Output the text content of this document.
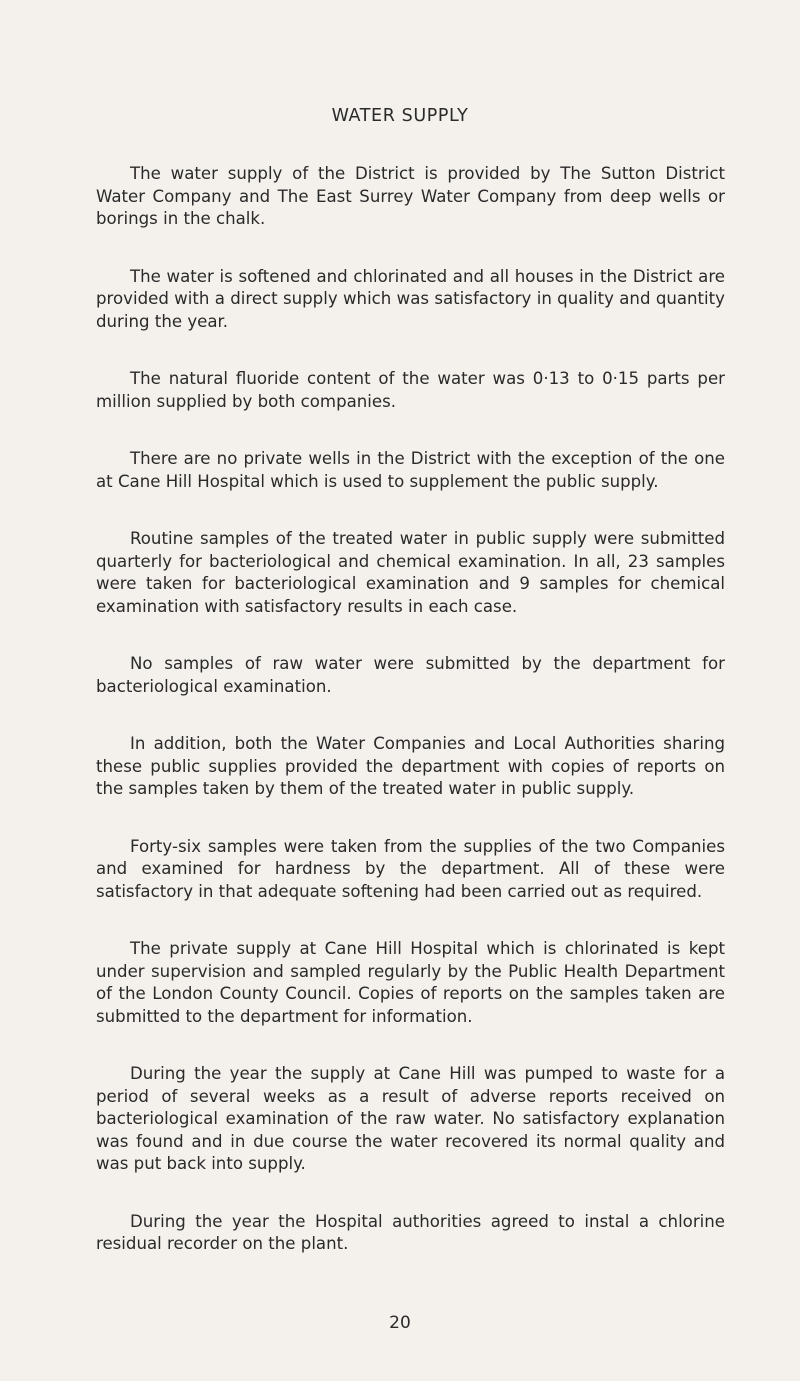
WATER SUPPLY

The water supply of the District is provided by The Sutton District Water Company and The East Surrey Water Company from deep wells or borings in the chalk.

The water is softened and chlorinated and all houses in the District are provided with a direct supply which was satisfactory in quality and quantity during the year.

The natural fluoride content of the water was 0·13 to 0·15 parts per million supplied by both companies.

There are no private wells in the District with the exception of the one at Cane Hill Hospital which is used to supplement the public supply.

Routine samples of the treated water in public supply were submitted quarterly for bacteriological and chemical examination. In all, 23 samples were taken for bacteriological examination and 9 samples for chemical examination with satisfactory results in each case.

No samples of raw water were submitted by the department for bacteriological examination.

In addition, both the Water Companies and Local Authorities sharing these public supplies provided the department with copies of reports on the samples taken by them of the treated water in public supply.

Forty-six samples were taken from the supplies of the two Companies and examined for hardness by the department. All of these were satisfactory in that adequate softening had been carried out as required.

The private supply at Cane Hill Hospital which is chlorinated is kept under supervision and sampled regularly by the Public Health Department of the London County Council. Copies of reports on the samples taken are submitted to the department for information.

During the year the supply at Cane Hill was pumped to waste for a period of several weeks as a result of adverse reports received on bacteriological examination of the raw water. No satisfactory explanation was found and in due course the water recovered its normal quality and was put back into supply.

During the year the Hospital authorities agreed to instal a chlorine residual recorder on the plant.

20
